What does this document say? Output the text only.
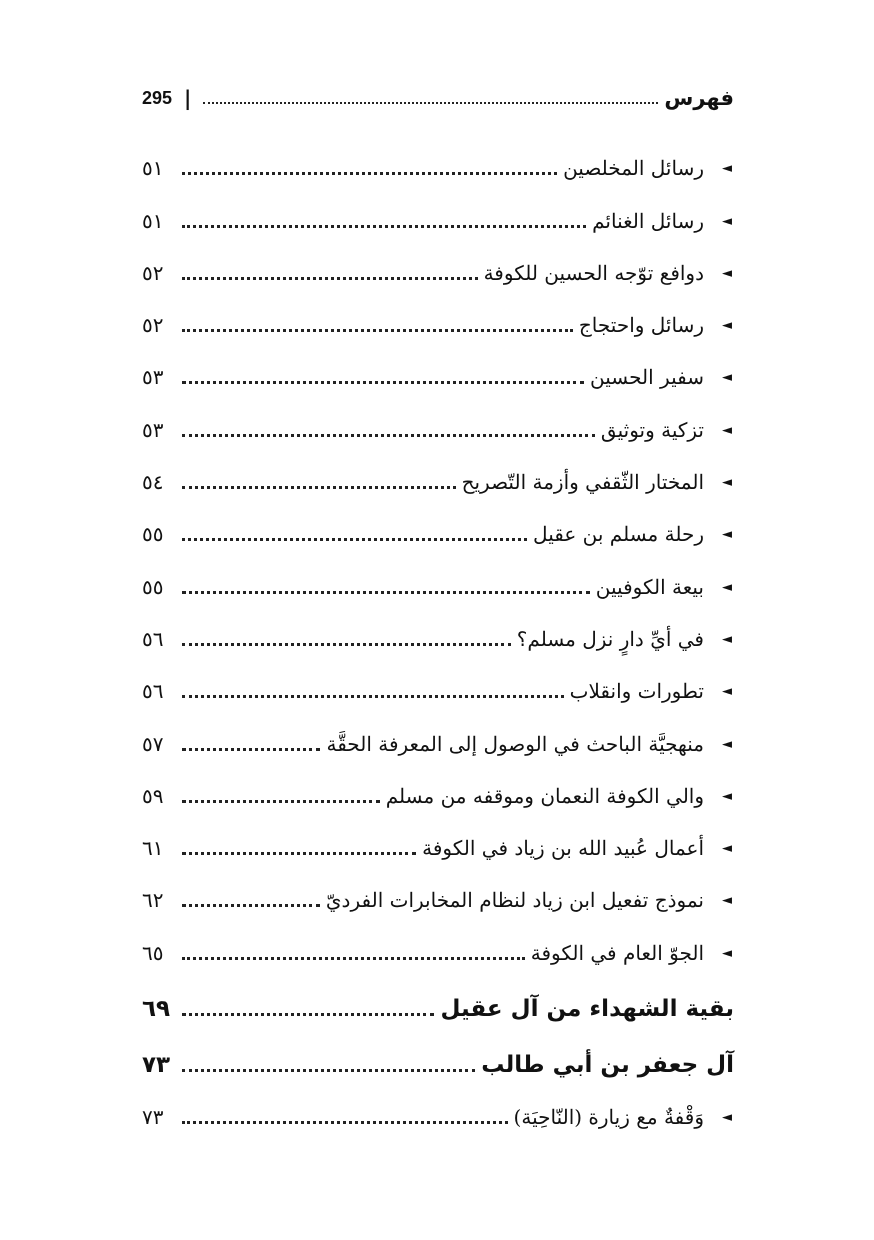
فهرس
|
295
◄
رسائل المخلصين
٥١
◄
رسائل الغنائم
٥١
◄
دوافع توّجه الحسين للكوفة
٥٢
◄
رسائل واحتجاج
٥٢
◄
سفير الحسين
٥٣
◄
تزكية وتوثيق
٥٣
◄
المختار الثّقفي وأزمة التّصريح
٥٤
◄
رحلة مسلم بن عقيل
٥٥
◄
بيعة الكوفيين
٥٥
◄
في أيِّ دارٍ نزل مسلم؟
٥٦
◄
تطورات وانقلاب
٥٦
◄
منهجيَّة الباحث في الوصول إلى المعرفة الحقَّة
٥٧
◄
والي الكوفة النعمان وموقفه من مسلم
٥٩
◄
أعمال عُبيد الله بن زياد في الكوفة
٦١
◄
نموذج تفعيل ابن زياد لنظام المخابرات الفرديّ
٦٢
◄
الجوّ العام في الكوفة
٦٥
بقية الشهداء من آل عقيل
٦٩
آل جعفر بن أبي طالب
٧٣
◄
وَقْفةٌ مع زيارة (النّاحِيَة)
٧٣
